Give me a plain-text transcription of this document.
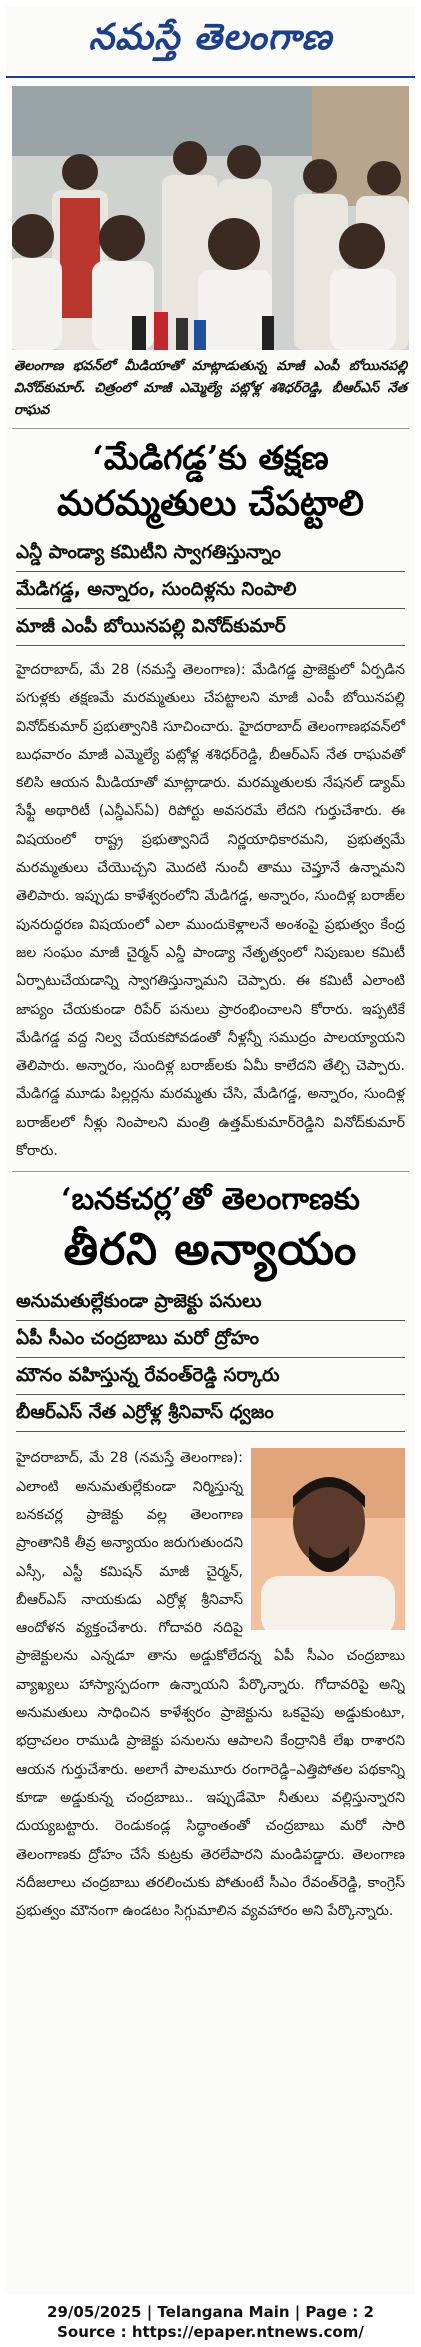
నమస్తే తెలంగాణ

తెలంగాణ భవన్‌లో మీడియాతో మాట్లాడుతున్న మాజీ ఎంపీ బోయినపల్లి వినోద్‌కుమార్‌. చిత్రంలో మాజీ ఎమ్మెల్యే పట్లోళ్ల శశిధర్‌రెడ్డి, బీఆర్‌ఎస్‌ నేత రాఘవ

‘మేడిగడ్డ’కు తక్షణ
మరమ్మతులు చేపట్టాలి
ఎన్డీ పాండ్యా కమిటీని స్వాగతిస్తున్నాం
మేడిగడ్డ, అన్నారం, సుందిళ్లను నింపాలి
మాజీ ఎంపీ బోయినపల్లి వినోద్‌కుమార్‌

హైదరాబాద్‌, మే 28 (నమస్తే తెలంగాణ): మేడిగడ్డ ప్రాజెక్టులో ఏర్పడిన పగుళ్లకు తక్షణమే మరమ్మతులు చేపట్టాలని మాజీ ఎంపీ బోయినపల్లి వినోద్‌కుమార్‌ ప్రభుత్వానికి సూచించారు. హైదరాబాద్‌ తెలంగాణభవన్‌లో బుధవారం మాజీ ఎమ్మెల్యే పట్లోళ్ల శశిధర్‌రెడ్డి, బీఆర్‌ఎస్‌ నేత రాఘవతో కలిసి ఆయన మీడియాతో మాట్లాడారు. మరమ్మతులకు నేషనల్‌ డ్యామ్‌ సేఫ్టీ అథారిటీ (ఎన్డీఎస్‌ఏ) రిపోర్టు అవసరమే లేదని గుర్తుచేశారు. ఈ విషయంలో రాష్ట్ర ప్రభుత్వానిదే నిర్ణయాధికారమని, ప్రభుత్వమే మరమ్మతులు చేయొచ్చని మొదటి నుంచీ తాము చెప్తూనే ఉన్నామని తెలిపారు. ఇప్పుడు కాళేశ్వరంలోని మేడిగడ్డ, అన్నారం, సుందిళ్ల బరాజ్‌ల పునరుద్ధరణ విషయంలో ఎలా ముందుకెళ్లాలనే అంశంపై ప్రభుత్వం కేంద్ర జల సంఘం మాజీ చైర్మన్‌ ఎన్డీ పాండ్యా నేతృత్వంలో నిపుణుల కమిటీ ఏర్పాటుచేయడాన్ని స్వాగతిస్తున్నామని చెప్పారు. ఈ కమిటీ ఎలాంటి జాప్యం చేయకుండా రిపేర్‌ పనులు ప్రారంభించాలని కోరారు. ఇప్పటికే మేడిగడ్డ వద్ద నిల్వ చేయకపోవడంతో నీళ్లన్నీ సముద్రం పాలయ్యాయని తెలిపారు. అన్నారం, సుందిళ్ల బరాజ్‌లకు ఏమీ కాలేదని తేల్చి చెప్పారు. మేడిగడ్డ మూడు పిల్లర్లను మరమ్మతు చేసి, మేడిగడ్డ, అన్నారం, సుందిళ్ల బరాజ్‌లలో నీళ్లు నింపాలని మంత్రి ఉత్తమ్‌కుమార్‌రెడ్డిని వినోద్‌కుమార్‌ కోరారు.

‘బనకచర్ల’తో తెలంగాణకు
తీరని అన్యాయం
అనుమతుల్లేకుండా ప్రాజెక్టు పనులు
ఏపీ సీఎం చంద్రబాబు మరో ద్రోహం
మౌనం వహిస్తున్న రేవంత్‌రెడ్డి సర్కారు
బీఆర్‌ఎస్‌ నేత ఎర్రోళ్ల శ్రీనివాస్‌ ధ్వజం

హైదరాబాద్‌, మే 28 (నమస్తే తెలంగాణ): ఎలాంటి అనుమతుల్లేకుండా నిర్మిస్తున్న బనకచర్ల ప్రాజెక్టు వల్ల తెలంగాణ ప్రాంతానికి తీవ్ర అన్యాయం జరుగుతుందని ఎస్సీ, ఎస్టీ కమిషన్‌ మాజీ చైర్మన్‌, బీఆర్‌ఎస్‌ నాయకుడు ఎర్రోళ్ల శ్రీనివాస్‌ ఆందోళన వ్యక్తంచేశారు. గోదావరి నదిపై ప్రాజెక్టులను ఎన్నడూ తాను అడ్డుకోలేదన్న ఏపీ సీఎం చంద్రబాబు వ్యాఖ్యలు హాస్యాస్పదంగా ఉన్నాయని పేర్కొన్నారు. గోదావరిపై అన్ని అనుమతులు సాధించిన కాళేశ్వరం ప్రాజెక్టును ఒకవైపు అడ్డుకుంటూ, భద్రాచలం రాముడి ప్రాజెక్టు పనులను ఆపాలని కేంద్రానికి లేఖ రాశారని ఆయన గుర్తుచేశారు. అలాగే పాలమూరు రంగారెడ్డి–ఎత్తిపోతల పథకాన్ని కూడా అడ్డుకున్న చంద్రబాబు.. ఇప్పుడేమో నీతులు వల్లిస్తున్నారని దుయ్యబట్టారు. రెండుకండ్ల సిద్ధాంతంతో చంద్రబాబు మరో సారి తెలంగాణకు ద్రోహం చేసే కుట్రకు తెరలేపారని మండిపడ్డారు. తెలంగాణ నదీజలాలు చంద్రబాబు తరలించుకు పోతుంటే సీఎం రేవంత్‌రెడ్డి, కాంగ్రెస్‌ ప్రభుత్వం మౌనంగా ఉండటం సిగ్గుమాలిన వ్యవహారం అని పేర్కొన్నారు.

29/05/2025 | Telangana Main | Page : 2
Source : https://epaper.ntnews.com/
